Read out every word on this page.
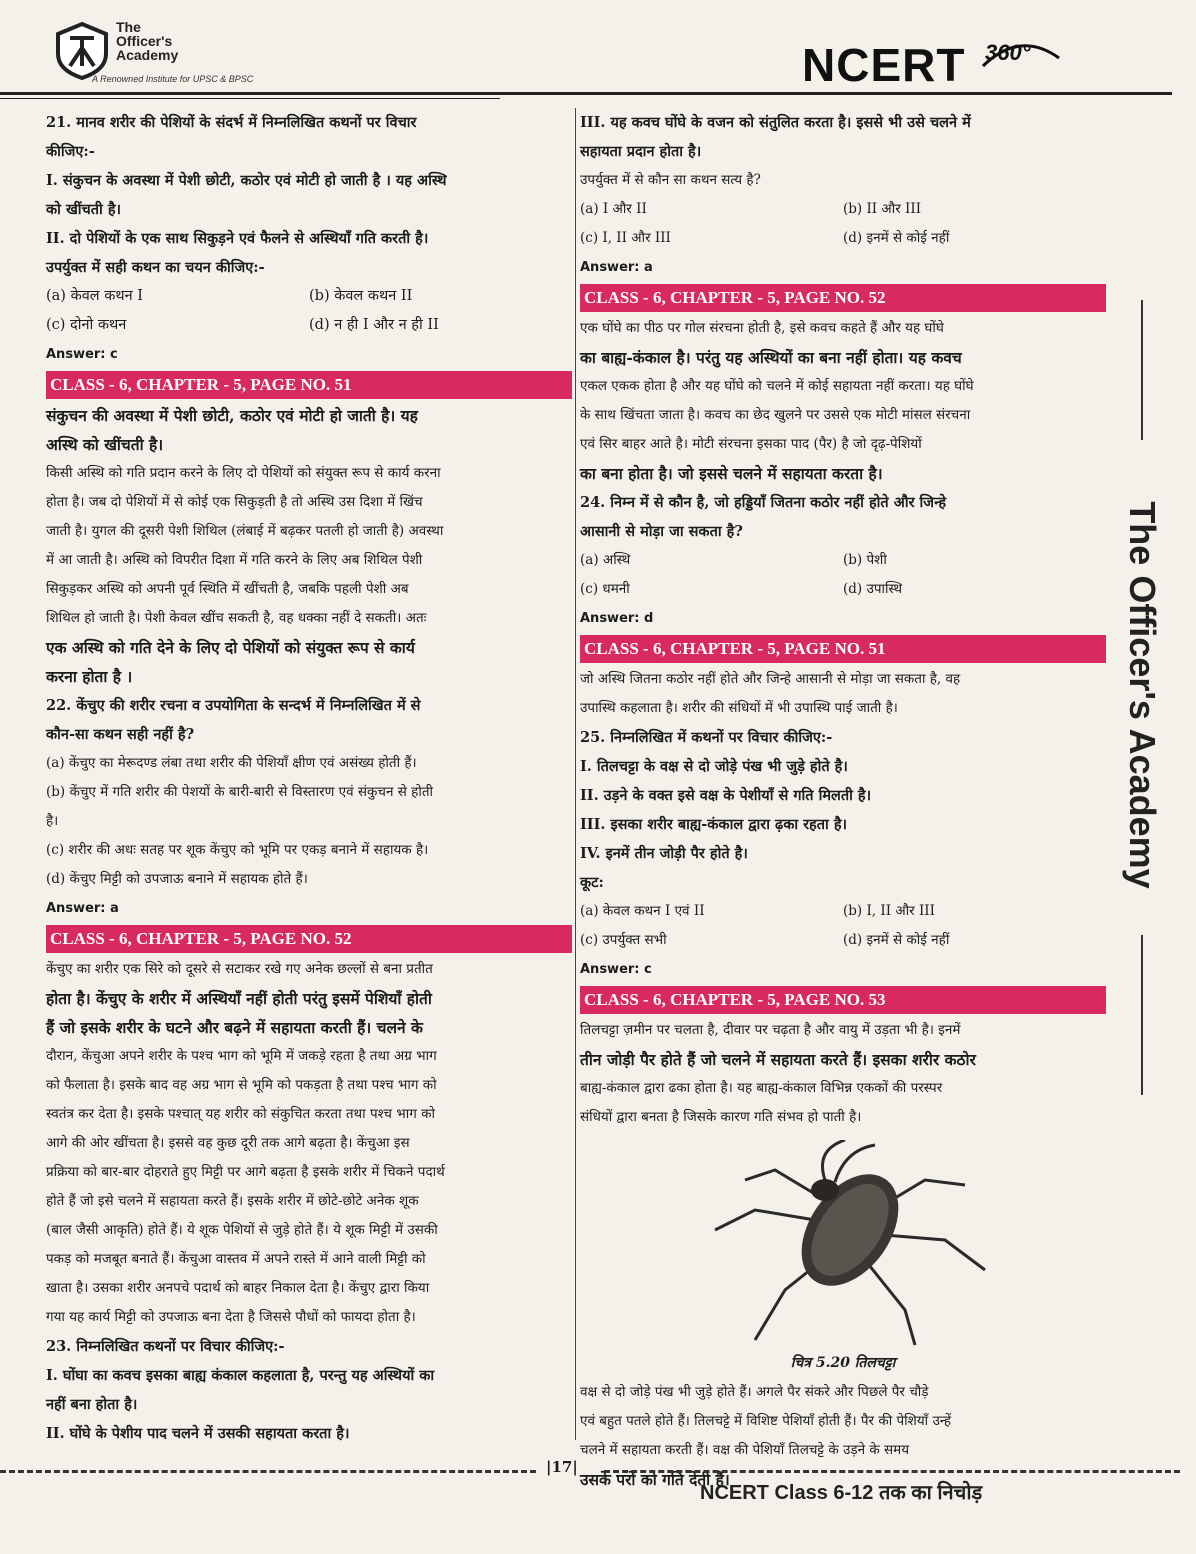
The
Officer's
Academy
A Renowned Institute for UPSC & BPSC	NCERT 360°
21. मानव शरीर की पेशियों के संदर्भ में निम्नलिखित कथनों पर विचार
कीजिए:-
I. संकुचन के अवस्था में पेशी छोटी, कठोर एवं मोटी हो जाती है । यह अस्थि
को खींचती है।
II. दो पेशियों के एक साथ सिकुड़ने एवं फैलने से अस्थियाँ गति करती है।
उपर्युक्त में सही कथन का चयन कीजिए:-
(a) केवल कथन I	(b) केवल कथन II
(c) दोनो कथन	(d) न ही I और न ही II
Answer: c
CLASS - 6, CHAPTER - 5, PAGE NO. 51
संकुचन की अवस्था में पेशी छोटी, कठोर एवं मोटी हो जाती है। यह
अस्थि को खींचती है।
किसी अस्थि को गति प्रदान करने के लिए दो पेशियों को संयुक्त रूप से कार्य करना
होता है। जब दो पेशियों में से कोई एक सिकुड़ती है तो अस्थि उस दिशा में खिंच
जाती है। युगल की दूसरी पेशी शिथिल (लंबाई में बढ़कर पतली हो जाती है) अवस्था
में आ जाती है। अस्थि को विपरीत दिशा में गति करने के लिए अब शिथिल पेशी
सिकुड़कर अस्थि को अपनी पूर्व स्थिति में खींचती है, जबकि पहली पेशी अब
शिथिल हो जाती है। पेशी केवल खींच सकती है, वह धक्का नहीं दे सकती। अतः
एक अस्थि को गति देने के लिए दो पेशियों को संयुक्त रूप से कार्य
करना होता है ।
22. केंचुए की शरीर रचना व उपयोगिता के सन्दर्भ में निम्नलिखित में से
कौन-सा कथन सही नहीं है?
(a) केंचुए का मेरूदण्ड लंबा तथा शरीर की पेशियाँ क्षीण एवं असंख्य होती हैं।
(b) केंचुए में गति शरीर की पेशयों के बारी-बारी से विस्तारण एवं संकुचन से होती
है।
(c) शरीर की अधः सतह पर शूक केंचुए को भूमि पर एकड़ बनाने में सहायक है।
(d) केंचुए मिट्टी को उपजाऊ बनाने में सहायक होते हैं।
Answer: a
CLASS - 6, CHAPTER - 5, PAGE NO. 52
केंचुए का शरीर एक सिरे को दूसरे से सटाकर रखे गए अनेक छल्लों से बना प्रतीत
होता है। केंचुए के शरीर में अस्थियाँ नहीं होती परंतु इसमें पेशियाँ होती
हैं जो इसके शरीर के घटने और बढ़ने में सहायता करती हैं। चलने के
दौरान, केंचुआ अपने शरीर के पश्च भाग को भूमि में जकड़े रहता है तथा अग्र भाग
को फैलाता है। इसके बाद वह अग्र भाग से भूमि को पकड़ता है तथा पश्च भाग को
स्वतंत्र कर देता है। इसके पश्चात् यह शरीर को संकुचित करता तथा पश्च भाग को
आगे की ओर खींचता है। इससे वह कुछ दूरी तक आगे बढ़ता है। केंचुआ इस
प्रक्रिया को बार-बार दोहराते हुए मिट्टी पर आगे बढ़ता है इसके शरीर में चिकने पदार्थ
होते हैं जो इसे चलने में सहायता करते हैं। इसके शरीर में छोटे-छोटे अनेक शूक
(बाल जैसी आकृति) होते हैं। ये शूक पेशियों से जुड़े होते हैं। ये शूक मिट्टी में उसकी
पकड़ को मजबूत बनाते हैं। केंचुआ वास्तव में अपने रास्ते में आने वाली मिट्टी को
खाता है। उसका शरीर अनपचे पदार्थ को बाहर निकाल देता है। केंचुए द्वारा किया
गया यह कार्य मिट्टी को उपजाऊ बना देता है जिससे पौधों को फायदा होता है।
23. निम्नलिखित कथनों पर विचार कीजिए:-
I. घोंघा का कवच इसका बाह्य कंकाल कहलाता है, परन्तु यह अस्थियों का
नहीं बना होता है।
II. घोंघे के पेशीय पाद चलने में उसकी सहायता करता है।
III. यह कवच घोंघे के वजन को संतुलित करता है। इससे भी उसे चलने में
सहायता प्रदान होता है।
उपर्युक्त में से कौन सा कथन सत्य है?
(a) I और II	(b) II और III
(c) I, II और III	(d) इनमें से कोई नहीं
Answer: a
CLASS - 6, CHAPTER - 5, PAGE NO. 52
एक घोंघे का पीठ पर गोल संरचना होती है, इसे कवच कहते हैं और यह घोंघे
का बाह्य-कंकाल है। परंतु यह अस्थियों का बना नहीं होता। यह कवच
एकल एकक होता है और यह घोंघे को चलने में कोई सहायता नहीं करता। यह घोंघे
के साथ खिंचता जाता है। कवच का छेद खुलने पर उससे एक मोटी मांसल संरचना
एवं सिर बाहर आते है। मोटी संरचना इसका पाद (पैर) है जो दृढ़-पेशियों
का बना होता है। जो इससे चलने में सहायता करता है।
24. निम्न में से कौन है, जो हड्डियाँ जितना कठोर नहीं होते और जिन्हे
आसानी से मोड़ा जा सकता है?
(a) अस्थि	(b) पेशी
(c) धमनी	(d) उपास्थि
Answer: d
CLASS - 6, CHAPTER - 5, PAGE NO. 51
जो अस्थि जितना कठोर नहीं होते और जिन्हे आसानी से मोड़ा जा सकता है, वह
उपास्थि कहलाता है। शरीर की संधियों में भी उपास्थि पाई जाती है।
25. निम्नलिखित में कथनों पर विचार कीजिए:-
I. तिलचट्टा के वक्ष से दो जोड़े पंख भी जुड़े होते है।
II. उड़ने के वक्त इसे वक्ष के पेशीयाँ से गति मिलती है।
III. इसका शरीर बाह्य-कंकाल द्वारा ढ़का रहता है।
IV. इनमें तीन जोड़ी पैर होते है।
कूट:
(a) केवल कथन I एवं II	(b) I, II और III
(c) उपर्युक्त सभी	(d) इनमें से कोई नहीं
Answer: c
CLASS - 6, CHAPTER - 5, PAGE NO. 53
तिलचट्टा ज़मीन पर चलता है, दीवार पर चढ़ता है और वायु में उड़ता भी है। इनमें
तीन जोड़ी पैर होते हैं जो चलने में सहायता करते हैं। इसका शरीर कठोर
बाह्य-कंकाल द्वारा ढका होता है। यह बाह्य-कंकाल विभिन्न एककों की परस्पर
संधियों द्वारा बनता है जिसके कारण गति संभव हो पाती है।
चित्र 5.20 तिलचट्टा
वक्ष से दो जोड़े पंख भी जुड़े होते हैं। अगले पैर संकरे और पिछले पैर चौड़े
एवं बहुत पतले होते हैं। तिलचट्टे में विशिष्ट पेशियाँ होती हैं। पैर की पेशियाँ उन्हें
चलने में सहायता करती हैं। वक्ष की पेशियाँ तिलचट्टे के उड़ने के समय
उसके परों को गति देती हैं।
The Officer's Academy
|17|
NCERT Class 6-12 तक का निचोड़
